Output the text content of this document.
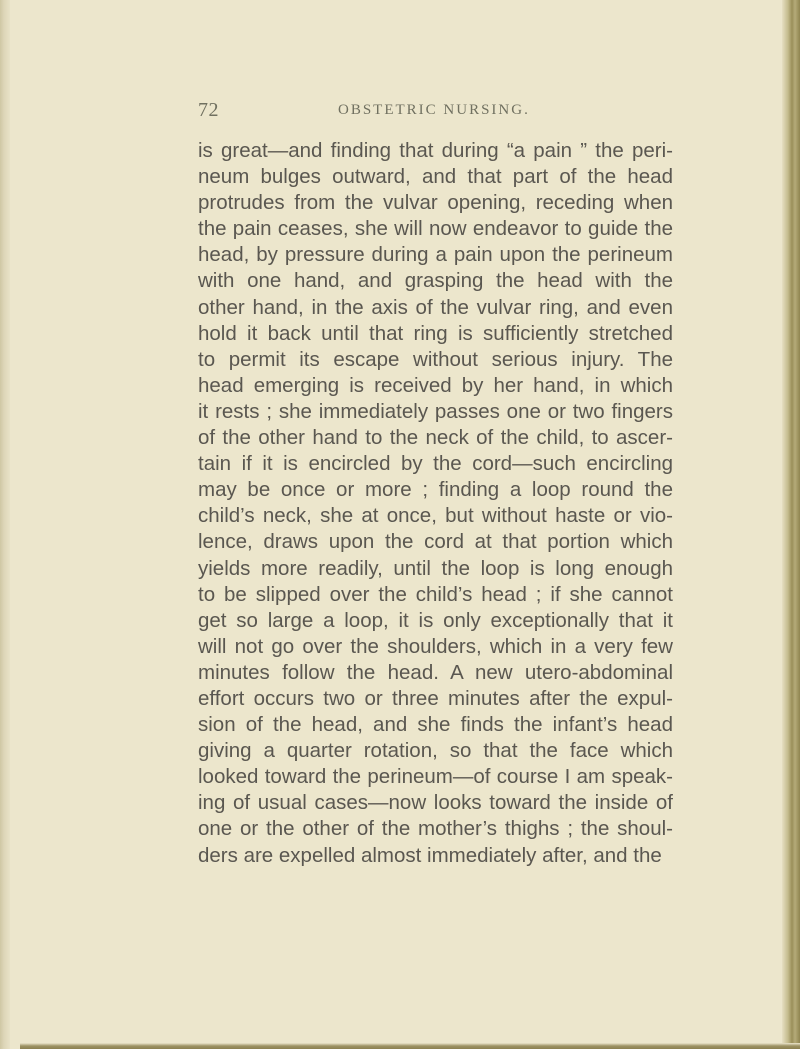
72	OBSTETRIC NURSING.
is great—and finding that during “a pain ” the peri-
neum bulges outward, and that part of the head
protrudes from the vulvar opening, receding when
the pain ceases, she will now endeavor to guide the
head, by pressure during a pain upon the perineum
with one hand, and grasping the head with the
other hand, in the axis of the vulvar ring, and even
hold it back until that ring is sufficiently stretched
to permit its escape without serious injury. The
head emerging is received by her hand, in which
it rests ; she immediately passes one or two fingers
of the other hand to the neck of the child, to ascer-
tain if it is encircled by the cord—such encircling
may be once or more ; finding a loop round the
child’s neck, she at once, but without haste or vio-
lence, draws upon the cord at that portion which
yields more readily, until the loop is long enough
to be slipped over the child’s head ; if she cannot
get so large a loop, it is only exceptionally that it
will not go over the shoulders, which in a very few
minutes follow the head. A new utero-abdominal
effort occurs two or three minutes after the expul-
sion of the head, and she finds the infant’s head
giving a quarter rotation, so that the face which
looked toward the perineum—of course I am speak-
ing of usual cases—now looks toward the inside of
one or the other of the mother’s thighs ; the shoul-
ders are expelled almost immediately after, and the
